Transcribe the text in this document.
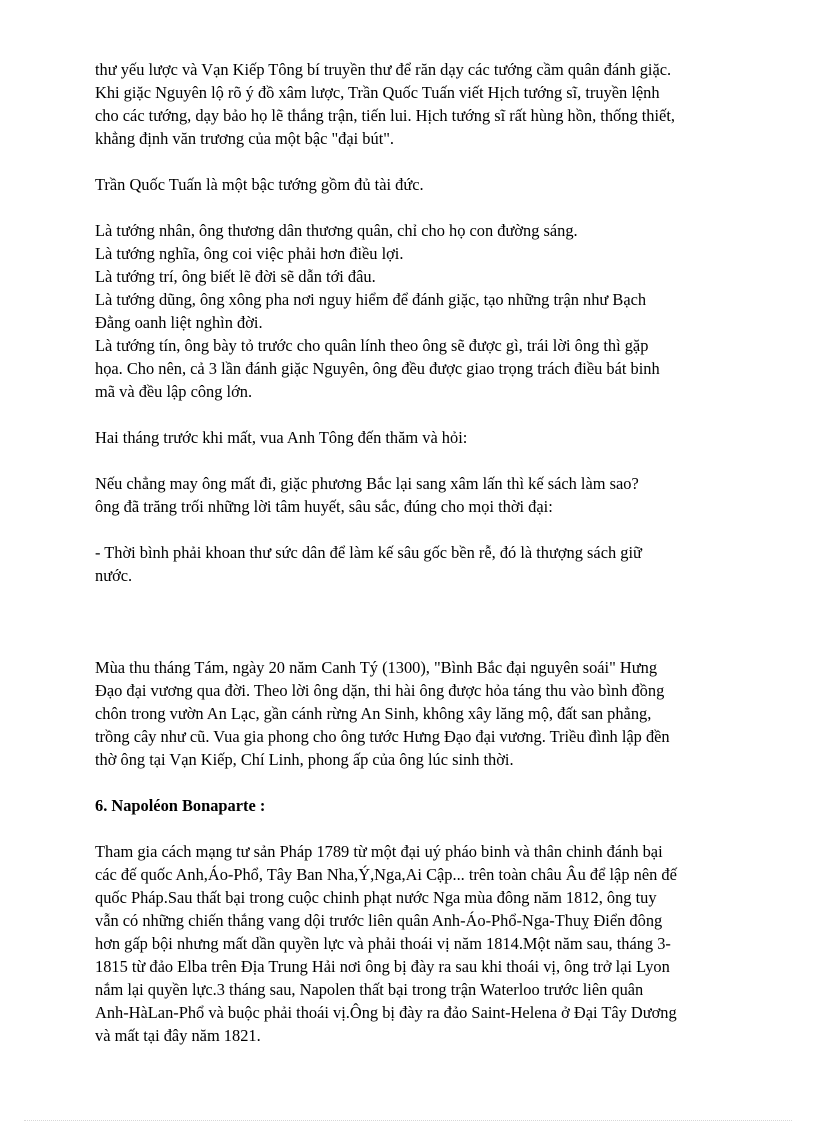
thư yếu lược và Vạn Kiếp Tông bí truyền thư để răn dạy các tướng cầm quân đánh giặc.
Khi giặc Nguyên lộ rõ ý đồ xâm lược, Trần Quốc Tuấn viết Hịch tướng sĩ, truyền lệnh
cho các tướng, dạy bảo họ lẽ thắng trận, tiến lui. Hịch tướng sĩ rất hùng hồn, thống thiết,
khẳng định văn trương của một bậc "đại bút".
Trần Quốc Tuấn là một bậc tướng gồm đủ tài đức.
Là tướng nhân, ông thương dân thương quân, chỉ cho họ con đường sáng.
Là tướng nghĩa, ông coi việc phải hơn điều lợi.
Là tướng trí, ông biết lẽ đời sẽ dẫn tới đâu.
Là tướng dũng, ông xông pha nơi nguy hiểm để đánh giặc, tạo những trận như Bạch
Đằng oanh liệt nghìn đời.
Là tướng tín, ông bày tỏ trước cho quân lính theo ông sẽ được gì, trái lời ông thì gặp
họa. Cho nên, cả 3 lần đánh giặc Nguyên, ông đều được giao trọng trách điều bát binh
mã và đều lập công lớn.
Hai tháng trước khi mất, vua Anh Tông đến thăm và hỏi:
Nếu chẳng may ông mất đi, giặc phương Bắc lại sang xâm lấn thì kế sách làm sao?
ông đã trăng trối những lời tâm huyết, sâu sắc, đúng cho mọi thời đại:
- Thời bình phải khoan thư sức dân để làm kế sâu gốc bền rễ, đó là thượng sách giữ
nước.
Mùa thu tháng Tám, ngày 20 năm Canh Tý (1300), "Bình Bắc đại nguyên soái" Hưng
Đạo đại vương qua đời. Theo lời ông dặn, thi hài ông được hỏa táng thu vào bình đồng
chôn trong vườn An Lạc, gần cánh rừng An Sinh, không xây lăng mộ, đất san phẳng,
trồng cây như cũ. Vua gia phong cho ông tước Hưng Đạo đại vương. Triều đình lập đền
thờ ông tại Vạn Kiếp, Chí Linh, phong ấp của ông lúc sinh thời.
6. Napoléon Bonaparte :
Tham gia cách mạng tư sản Pháp 1789 từ một đại uý pháo binh và thân chinh đánh bại
các đế quốc Anh,Áo-Phổ, Tây Ban Nha,Ý,Nga,Ai Cập... trên toàn châu Âu để lập nên đế
quốc Pháp.Sau thất bại trong cuộc chinh phạt nước Nga mùa đông năm 1812, ông tuy
vẫn có những chiến thắng vang dội trước liên quân Anh-Áo-Phổ-Nga-Thuỵ Điển đông
hơn gấp bội nhưng mất dần quyền lực và phải thoái vị năm 1814.Một năm sau, tháng 3-
1815 từ đảo Elba trên Địa Trung Hải nơi ông bị đày ra sau khi thoái vị, ông trở lại Lyon
nắm lại quyền lực.3 tháng sau, Napolen thất bại trong trận Waterloo trước liên quân
Anh-HàLan-Phổ và buộc phải thoái vị.Ông bị đày ra đảo Saint-Helena ở Đại Tây Dương
và mất tại đây năm 1821.
